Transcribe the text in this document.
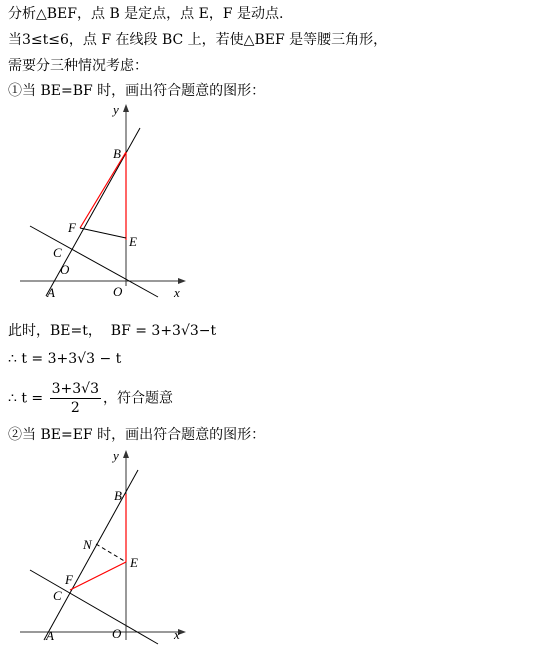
分析△BEF，点 B 是定点，点 E，F 是动点.
当3≤t≤6，点 F 在线段 BC 上，若使△BEF 是等腰三角形，
需要分三种情况考虑：
①当 BE=BF 时，画出符合题意的图形：
y
B
F
E
C
O
A	O	x
此时，BE=t， BF = 3+3√3−t
∴ t = 3+3√3 − t
∴ $t = \frac{3+3√3}{2}$ ，符合题意
②当 BE=EF 时，画出符合题意的图形：
y
B
N
E
F
C
A	O	x
